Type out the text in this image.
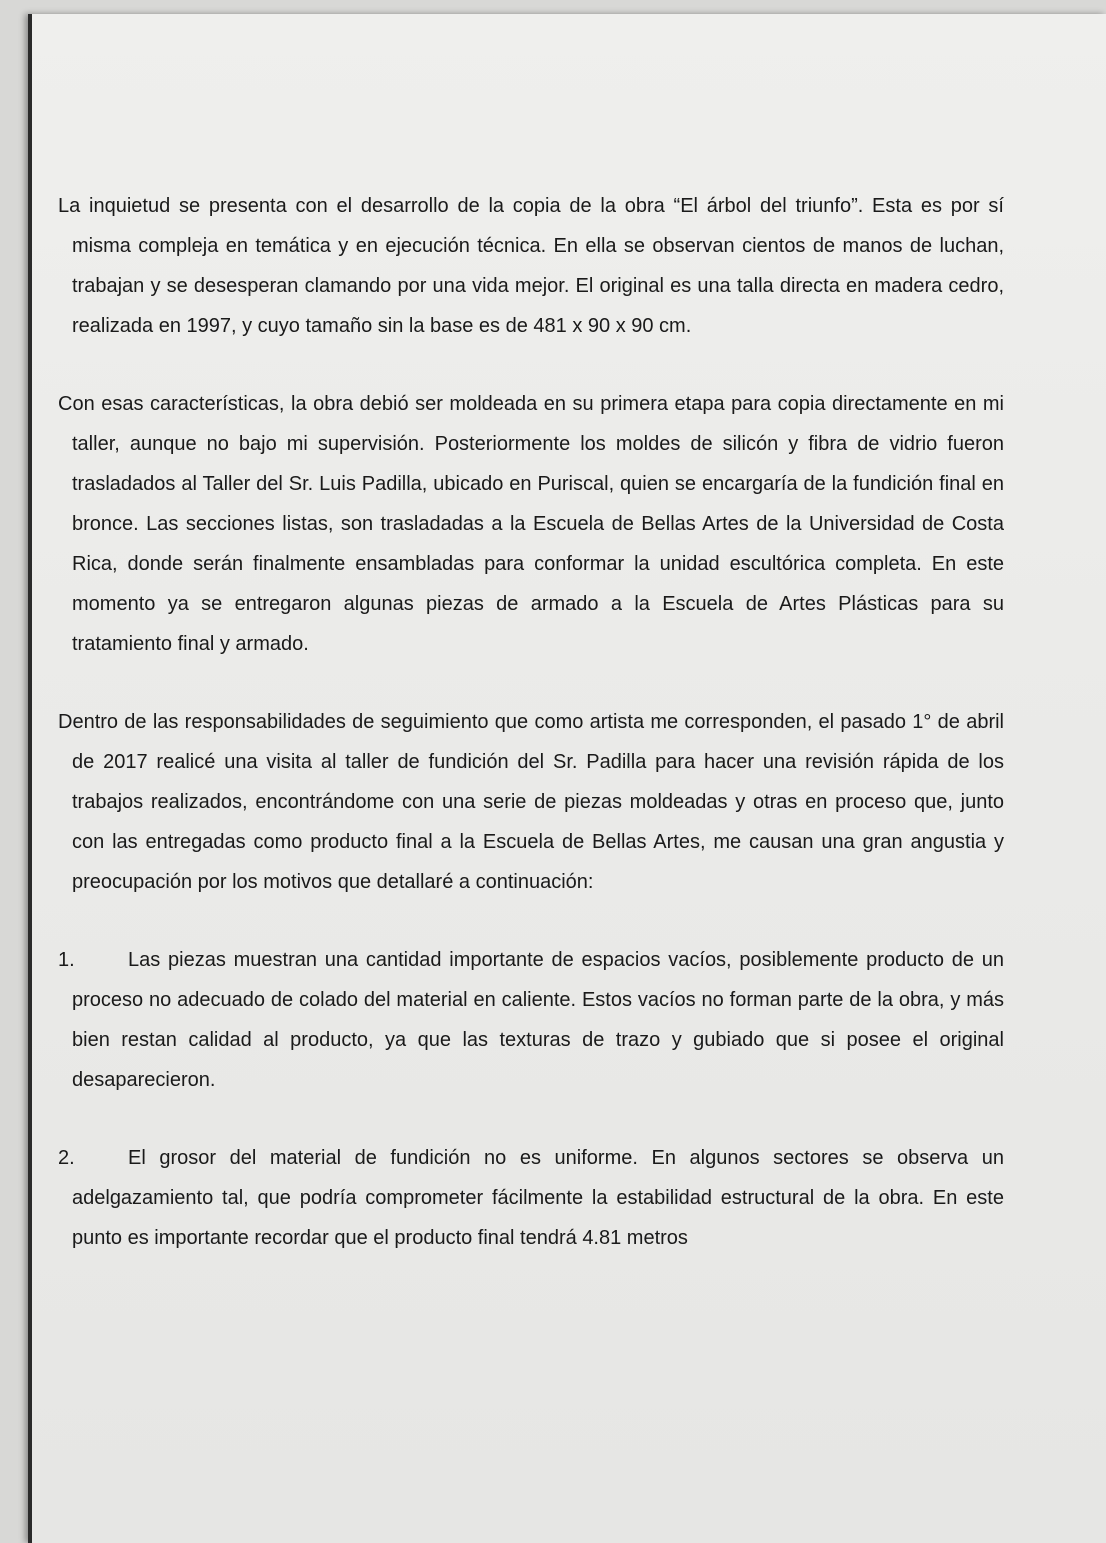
La inquietud se presenta con el desarrollo de la copia de la obra “El árbol del triunfo”. Esta es por sí misma compleja en temática y en ejecución técnica. En ella se observan cientos de manos de luchan, trabajan y se desesperan clamando por una vida mejor. El original es una talla directa en madera cedro, realizada en 1997, y cuyo tamaño sin la base es de 481 x 90 x 90 cm.

Con esas características, la obra debió ser moldeada en su primera etapa para copia directamente en mi taller, aunque no bajo mi supervisión. Posteriormente los moldes de silicón y fibra de vidrio fueron trasladados al Taller del Sr. Luis Padilla, ubicado en Puriscal, quien se encargaría de la fundición final en bronce. Las secciones listas, son trasladadas a la Escuela de Bellas Artes de la Universidad de Costa Rica, donde serán finalmente ensambladas para conformar la unidad escultórica completa. En este momento ya se entregaron algunas piezas de armado a la Escuela de Artes Plásticas para su tratamiento final y armado.

Dentro de las responsabilidades de seguimiento que como artista me corresponden, el pasado 1° de abril de 2017 realicé una visita al taller de fundición del Sr. Padilla para hacer una revisión rápida de los trabajos realizados, encontrándome con una serie de piezas moldeadas y otras en proceso que, junto con las entregadas como producto final a la Escuela de Bellas Artes, me causan una gran angustia y preocupación por los motivos que detallaré a continuación:

1.	Las piezas muestran una cantidad importante de espacios vacíos, posiblemente producto de un proceso no adecuado de colado del material en caliente. Estos vacíos no forman parte de la obra, y más bien restan calidad al producto, ya que las texturas de trazo y gubiado que si posee el original desaparecieron.
2.	El grosor del material de fundición no es uniforme. En algunos sectores se observa un adelgazamiento tal, que podría comprometer fácilmente la estabilidad estructural de la obra. En este punto es importante recordar que el producto final tendrá 4.81 metros
